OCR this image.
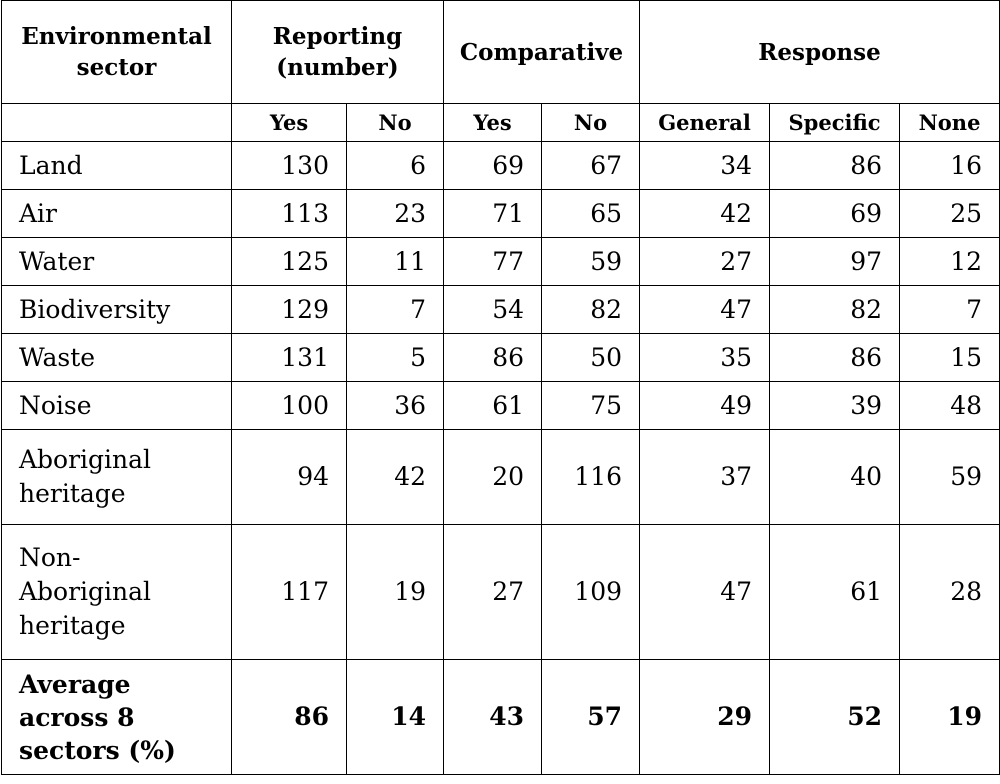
Environmental sector	Reporting (number)		Comparative		Response		
	Yes	No	Yes	No	General	Specific	None
Land	130	6	69	67	34	86	16
Air	113	23	71	65	42	69	25
Water	125	11	77	59	27	97	12
Biodiversity	129	7	54	82	47	82	7
Waste	131	5	86	50	35	86	15
Noise	100	36	61	75	49	39	48
Aboriginal heritage	94	42	20	116	37	40	59
Non-Aboriginal heritage	117	19	27	109	47	61	28
Average across 8 sectors (%)	86	14	43	57	29	52	19
